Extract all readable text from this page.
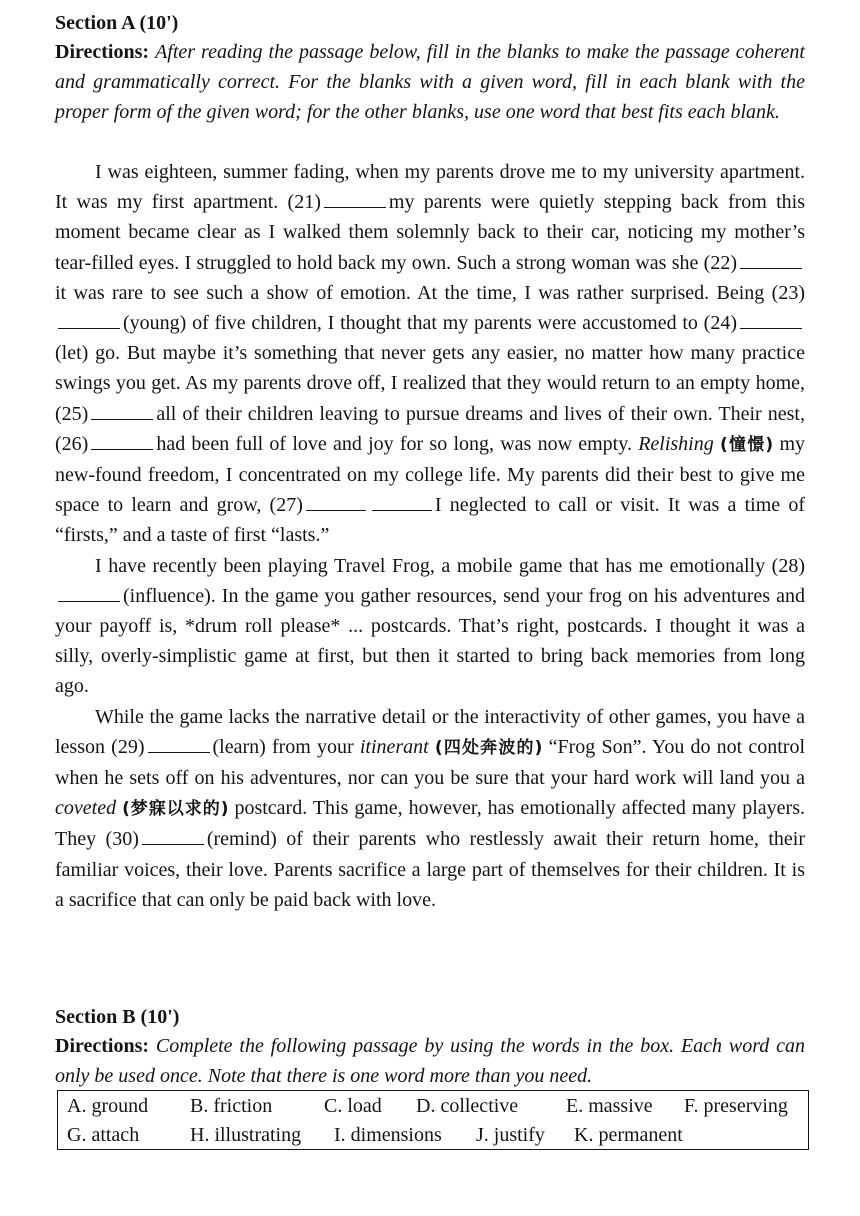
Section A (10')

Directions: After reading the passage below, fill in the blanks to make the passage coherent and grammatically correct. For the blanks with a given word, fill in each blank with the proper form of the given word; for the other blanks, use one word that best fits each blank.

I was eighteen, summer fading, when my parents drove me to my university apartment. It was my first apartment. (21)	my parents were quietly stepping back from this moment became clear as I walked them solemnly back to their car, noticing my mother’s tear-filled eyes. I struggled to hold back my own. Such a strong woman was she (22)it was rare to see such a show of emotion. At the time, I was rather surprised. Being (23)(young) of five children, I thought that my parents were accustomed to (24)(let) go. But maybe it’s something that never gets any easier, no matter how many practice swings you get. As my parents drove off, I realized that they would return to an empty home, (25)	all of their children leaving to pursue dreams and lives of their own. Their nest, (26)	had been full of love and joy for so long, was now empty. Relishing (憧憬) my new-found freedom, I concentrated on my college life. My parents did their best to give me space to learn and grow, (27)	I neglected to call or visit. It was a time of “firsts,” and a taste of first “lasts.”

I have recently been playing Travel Frog, a mobile game that has me emotionally (28)(influence). In the game you gather resources, send your frog on his adventures and your payoff is, *drum roll please* ... postcards. That’s right, postcards. I thought it was a silly, overly-simplistic game at first, but then it started to bring back memories from long ago.

While the game lacks the narrative detail or the interactivity of other games, you have a lesson (29)	(learn) from your itinerant (四处奔波的) “Frog Son”. You do not control when he sets off on his adventures, nor can you be sure that your hard work will land you a coveted (梦寐以求的) postcard. This game, however, has emotionally affected many players. They (30)	(remind) of their parents who restlessly await their return home, their familiar voices, their love. Parents sacrifice a large part of themselves for their children. It is a sacrifice that can only be paid back with love.

Section B (10')

Directions: Complete the following passage by using the words in the box. Each word can only be used once. Note that there is one word more than you need.

A. ground B. friction	C. load D. collective E. massive F. preserving
G. attach	H. illustrating I. dimensions J. justify K. permanent
